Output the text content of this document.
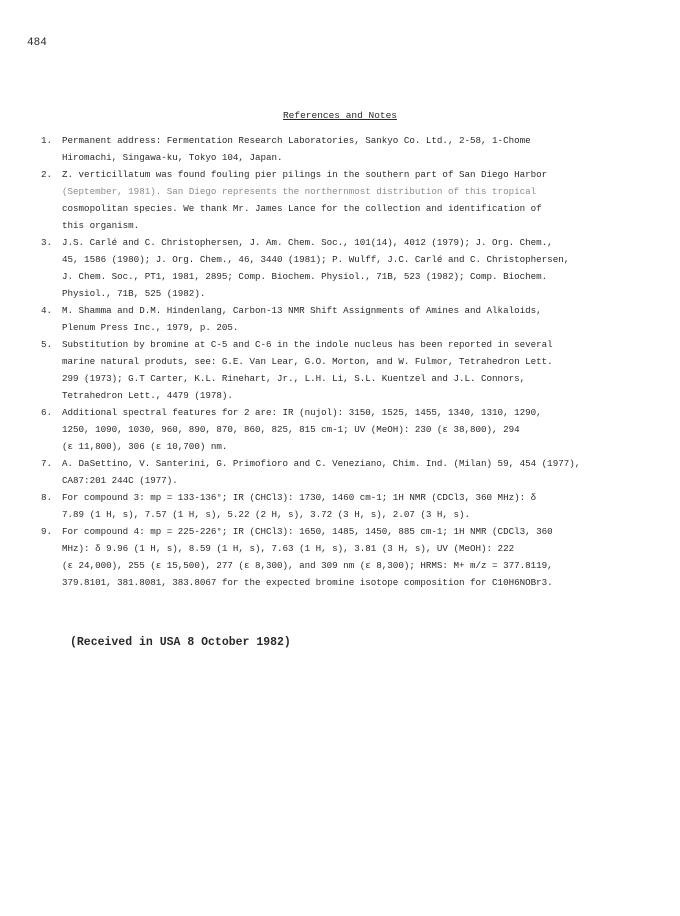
484
References and Notes
1. Permanent address: Fermentation Research Laboratories, Sankyo Co. Ltd., 2-58, 1-Chome
Hiromachi, Singawa-ku, Tokyo 104, Japan.
2. Z. verticillatum was found fouling pier pilings in the southern part of San Diego Harbor
(September, 1981). San Diego represents the northernmost distribution of this tropical
cosmopolitan species. We thank Mr. James Lance for the collection and identification of
this organism.
3. J.S. Carlé and C. Christophersen, J. Am. Chem. Soc., 101(14), 4012 (1979); J. Org. Chem.,
45, 1586 (1980); J. Org. Chem., 46, 3440 (1981); P. Wulff, J.C. Carlé and C. Christophersen,
J. Chem. Soc., PT1, 1981, 2895; Comp. Biochem. Physiol., 71B, 523 (1982); Comp. Biochem.
Physiol., 71B, 525 (1982).
4. M. Shamma and D.M. Hindenlang, Carbon-13 NMR Shift Assignments of Amines and Alkaloids,
Plenum Press Inc., 1979, p. 205.
5. Substitution by bromine at C-5 and C-6 in the indole nucleus has been reported in several
marine natural produts, see: G.E. Van Lear, G.O. Morton, and W. Fulmor, Tetrahedron Lett.
299 (1973); G.T Carter, K.L. Rinehart, Jr., L.H. Li, S.L. Kuentzel and J.L. Connors,
Tetrahedron Lett., 4479 (1978).
6. Additional spectral features for 2 are: IR (nujol): 3150, 1525, 1455, 1340, 1310, 1290,
1250, 1090, 1030, 960, 890, 870, 860, 825, 815 cm-1; UV (MeOH): 230 (ε 38,800), 294
(ε 11,800), 306 (ε 10,700) nm.
7. A. DaSettino, V. Santerini, G. Primofioro and C. Veneziano, Chim. Ind. (Milan) 59, 454 (1977),
CA87:201 244C (1977).
8. For compound 3: mp = 133-136°; IR (CHCl3): 1730, 1460 cm-1; 1H NMR (CDCl3, 360 MHz): δ
7.89 (1 H, s), 7.57 (1 H, s), 5.22 (2 H, s), 3.72 (3 H, s), 2.07 (3 H, s).
9. For compound 4: mp = 225-226°; IR (CHCl3): 1650, 1485, 1450, 885 cm-1; 1H NMR (CDCl3, 360
MHz): δ 9.96 (1 H, s), 8.59 (1 H, s), 7.63 (1 H, s), 3.81 (3 H, s), UV (MeOH): 222
(ε 24,000), 255 (ε 15,500), 277 (ε 8,300), and 309 nm (ε 8,300); HRMS: M+ m/z = 377.8119,
379.8101, 381.8081, 383.8067 for the expected bromine isotope composition for C10H6NOBr3.
(Received in USA 8 October 1982)
